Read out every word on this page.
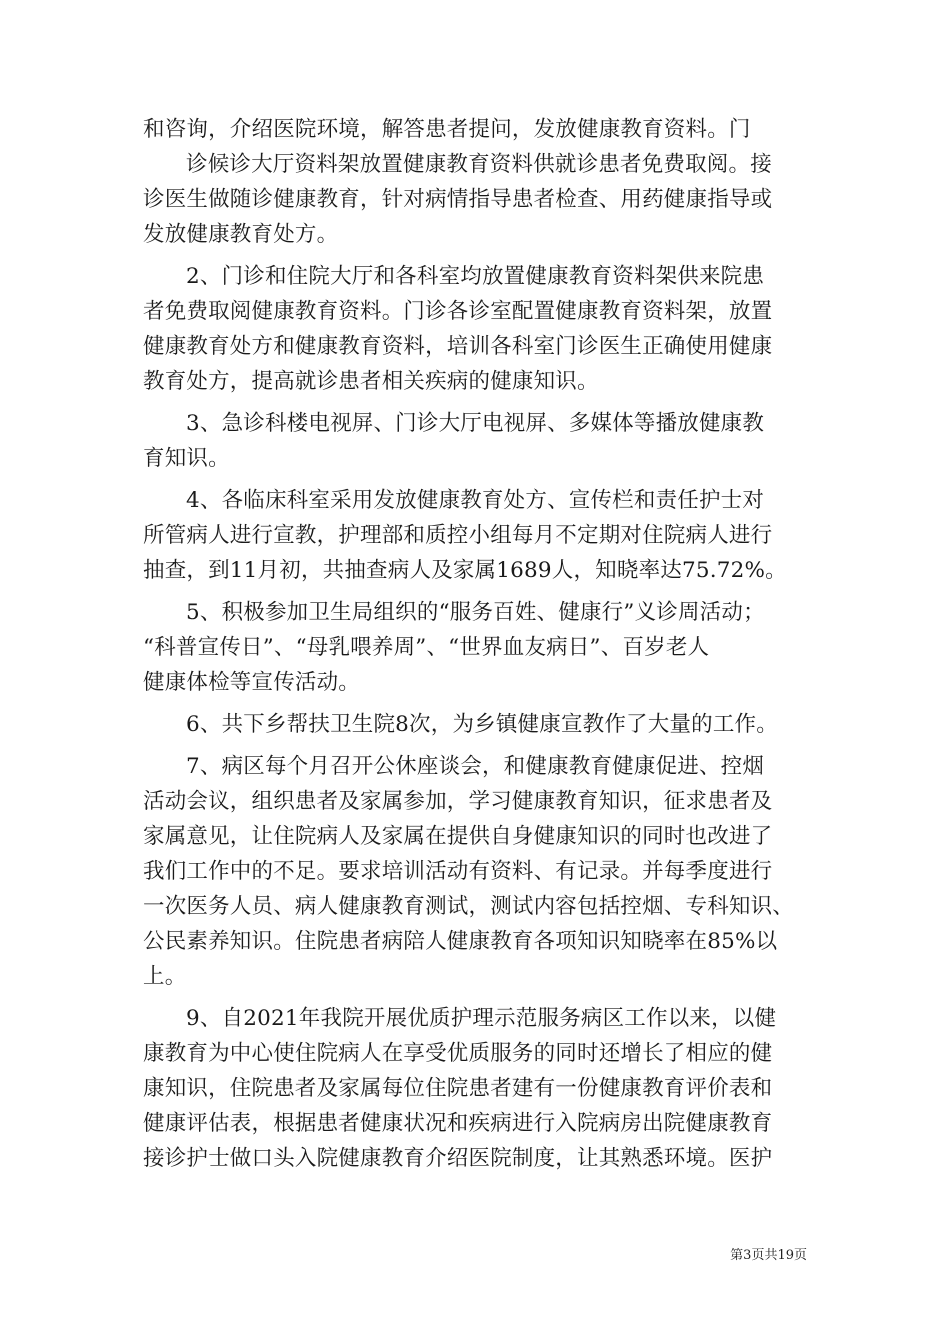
和咨询，介绍医院环境，解答患者提问，发放健康教育资料。门
诊候诊大厅资料架放置健康教育资料供就诊患者免费取阅。接
诊医生做随诊健康教育，针对病情指导患者检查、用药健康指导或
发放健康教育处方。
2、门诊和住院大厅和各科室均放置健康教育资料架供来院患
者免费取阅健康教育资料。门诊各诊室配置健康教育资料架，放置
健康教育处方和健康教育资料，培训各科室门诊医生正确使用健康
教育处方，提高就诊患者相关疾病的健康知识。
3、急诊科楼电视屏、门诊大厅电视屏、多媒体等播放健康教
育知识。
4、各临床科室采用发放健康教育处方、宣传栏和责任护士对
所管病人进行宣教，护理部和质控小组每月不定期对住院病人进行
抽查，到11月初，共抽查病人及家属1689人，知晓率达75.72%。
5、积极参加卫生局组织的“服务百姓、健康行”义诊周活动；
“科普宣传日”、“母乳喂养周”、“世界血友病日”、百岁老人
健康体检等宣传活动。
6、共下乡帮扶卫生院8次，为乡镇健康宣教作了大量的工作。
7、病区每个月召开公休座谈会，和健康教育健康促进、控烟
活动会议，组织患者及家属参加，学习健康教育知识，征求患者及
家属意见，让住院病人及家属在提供自身健康知识的同时也改进了
我们工作中的不足。要求培训活动有资料、有记录。并每季度进行
一次医务人员、病人健康教育测试，测试内容包括控烟、专科知识、
公民素养知识。住院患者病陪人健康教育各项知识知晓率在85%以
上。
9、自2021年我院开展优质护理示范服务病区工作以来，以健
康教育为中心使住院病人在享受优质服务的同时还增长了相应的健
康知识，住院患者及家属每位住院患者建有一份健康教育评价表和
健康评估表，根据患者健康状况和疾病进行入院病房出院健康教育
接诊护士做口头入院健康教育介绍医院制度，让其熟悉环境。医护
第3页共19页
